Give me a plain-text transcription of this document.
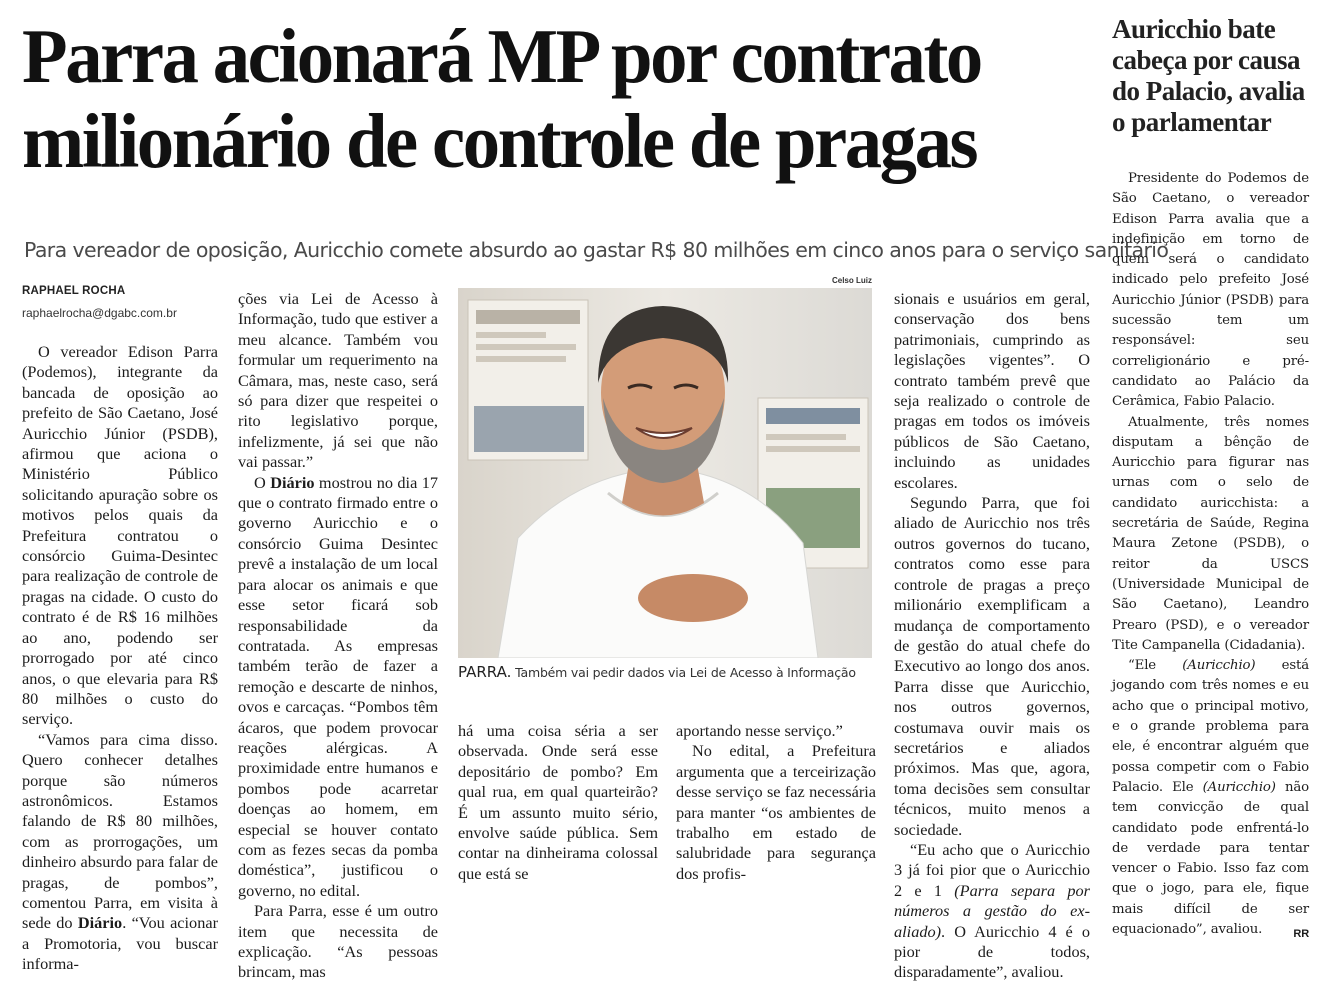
Parra acionará MP por contrato milionário de controle de pragas

Para vereador de oposição, Auricchio comete absurdo ao gastar R$ 80 milhões em cinco anos para o serviço sanitário

RAPHAEL ROCHA
raphaelrocha@dgabc.com.br

O vereador Edison Parra (Podemos), integrante da bancada de oposição ao prefeito de São Caetano, José Auricchio Júnior (PSDB), afirmou que aciona o Ministério Público solicitando apuração sobre os motivos pelos quais da Prefeitura contratou o consórcio Guima-Desintec para realização de controle de pragas na cidade. O custo do contrato é de R$ 16 milhões ao ano, podendo ser prorrogado por até cinco anos, o que elevaria para R$ 80 milhões o custo do serviço.

“Vamos para cima disso. Quero conhecer detalhes porque são números astronômicos. Estamos falando de R$ 80 milhões, com as prorrogações, um dinheiro absurdo para falar de pragas, de pombos”, comentou Parra, em visita à sede do Diário. “Vou acionar a Promotoria, vou buscar informa-

ções via Lei de Acesso à Informação, tudo que estiver a meu alcance. Também vou formular um requerimento na Câmara, mas, neste caso, será só para dizer que respeitei o rito legislativo porque, infelizmente, já sei que não vai passar.”

O Diário mostrou no dia 17 que o contrato firmado entre o governo Auricchio e o consórcio Guima Desintec prevê a instalação de um local para alocar os animais e que esse setor ficará sob responsabilidade da contratada. As empresas também terão de fazer a remoção e descarte de ninhos, ovos e carcaças. “Pombos têm ácaros, que podem provocar reações alérgicas. A proximidade entre humanos e pombos pode acarretar doenças ao homem, em especial se houver contato com as fezes secas da pomba doméstica”, justificou o governo, no edital.

Para Parra, esse é um outro item que necessita de explicação. “As pessoas brincam, mas

Celso Luiz
PARRA. Também vai pedir dados via Lei de Acesso à Informação

há uma coisa séria a ser observada. Onde será esse depositário de pombo? Em qual rua, em qual quarteirão? É um assunto muito sério, envolve saúde pública. Sem contar na dinheirama colossal que está se

aportando nesse serviço.”

No edital, a Prefeitura argumenta que a terceirização desse serviço se faz necessária para manter “os ambientes de trabalho em estado de salubridade para segurança dos profis-

sionais e usuários em geral, conservação dos bens patrimoniais, cumprindo as legislações vigentes”. O contrato também prevê que seja realizado o controle de pragas em todos os imóveis públicos de São Caetano, incluindo as unidades escolares.

Segundo Parra, que foi aliado de Auricchio nos três outros governos do tucano, contratos como esse para controle de pragas a preço milionário exemplificam a mudança de comportamento de gestão do atual chefe do Executivo ao longo dos anos. Parra disse que Auricchio, nos outros governos, costumava ouvir mais os secretários e aliados próximos. Mas que, agora, toma decisões sem consultar técnicos, muito menos a sociedade.

“Eu acho que o Auricchio 3 já foi pior que o Auricchio 2 e 1 (Parra separa por números a gestão do ex-aliado). O Auricchio 4 é o pior de todos, disparadamente”, avaliou.

Auricchio bate cabeça por causa do Palacio, avalia o parlamentar

Presidente do Podemos de São Caetano, o vereador Edison Parra avalia que a indefinição em torno de quem será o candidato indicado pelo prefeito José Auricchio Júnior (PSDB) para sucessão tem um responsável: seu correligionário e pré-candidato ao Palácio da Cerâmica, Fabio Palacio.

Atualmente, três nomes disputam a bênção de Auricchio para figurar nas urnas com o selo de candidato auricchista: a secretária de Saúde, Regina Maura Zetone (PSDB), o reitor da USCS (Universidade Municipal de São Caetano), Leandro Prearo (PSD), e o vereador Tite Campanella (Cidadania).

“Ele (Auricchio) está jogando com três nomes e eu acho que o principal motivo, e o grande problema para ele, é encontrar alguém que possa competir com o Fabio Palacio. Ele (Auricchio) não tem convicção de qual candidato pode enfrentá-lo de verdade para tentar vencer o Fabio. Isso faz com que o jogo, para ele, fique mais difícil de ser equacionado”, avaliou.	RR
